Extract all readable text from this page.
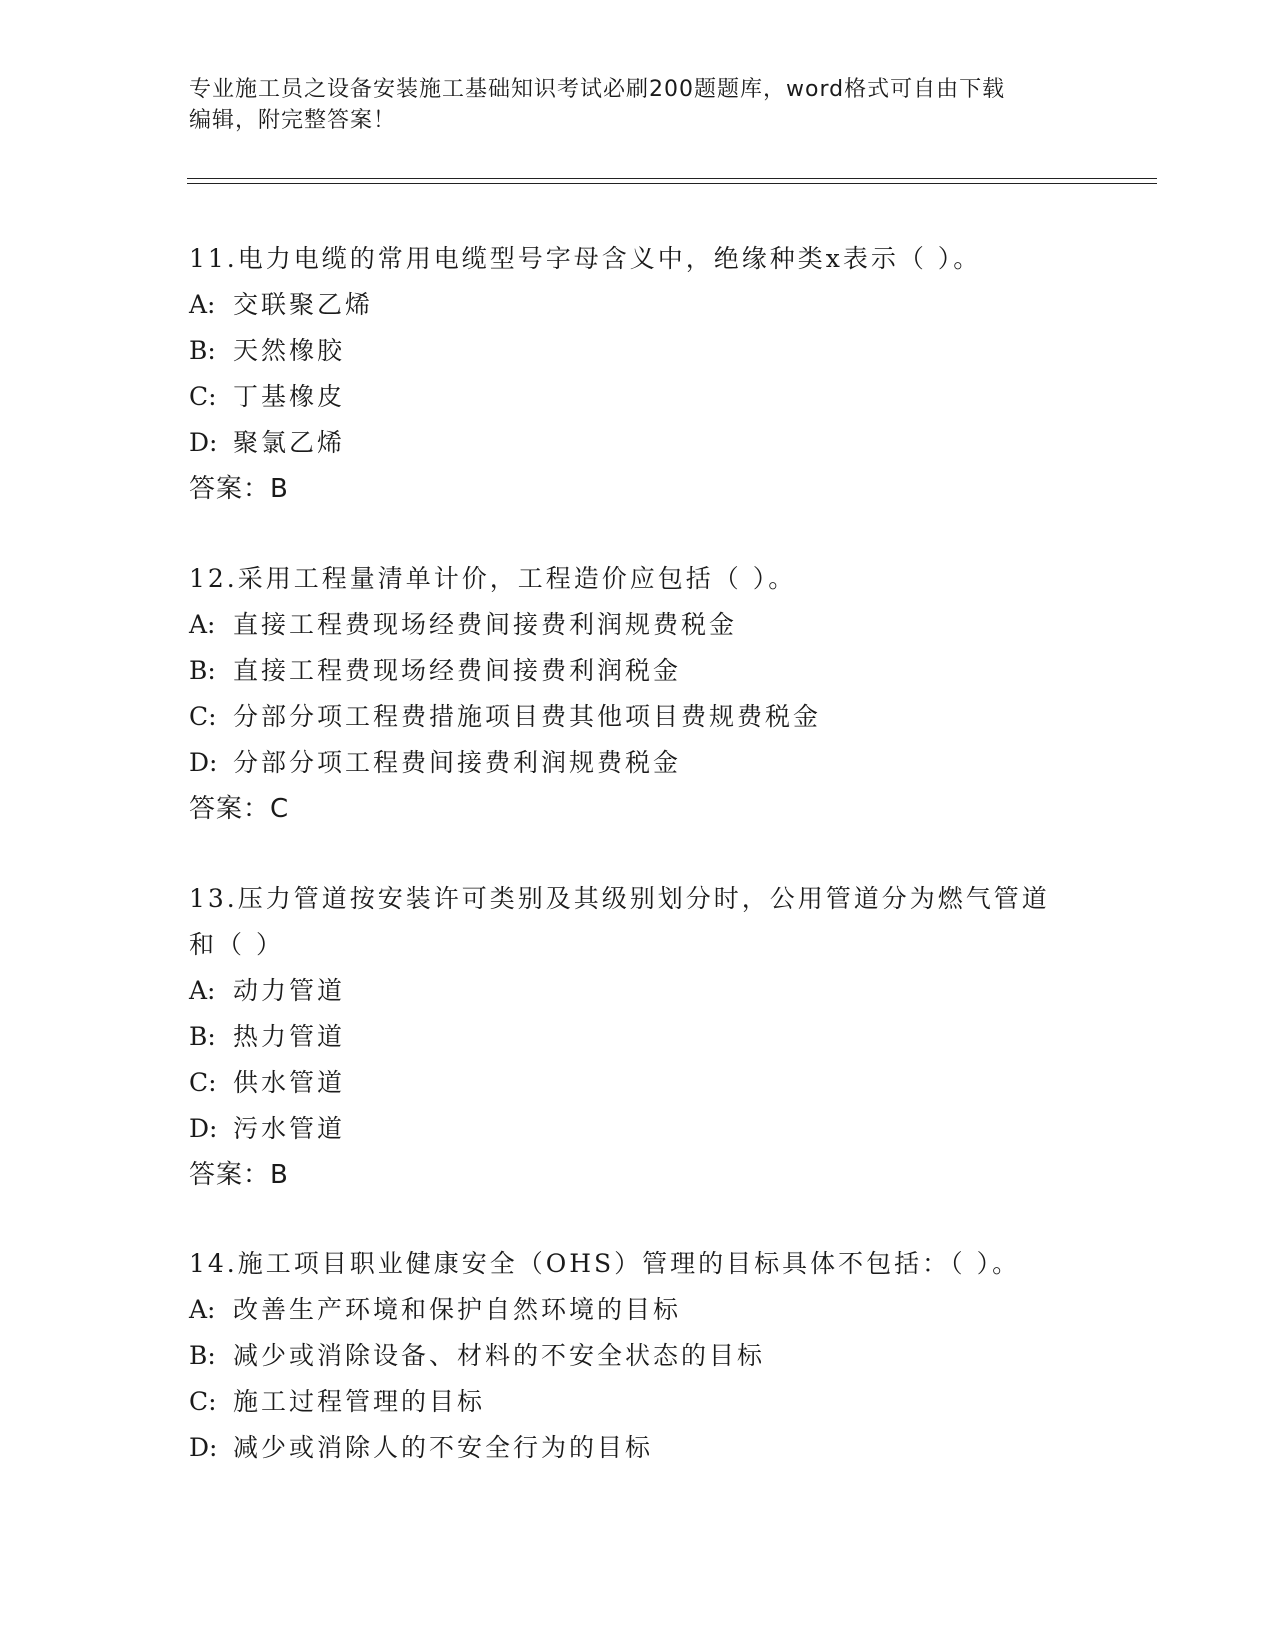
专业施工员之设备安装施工基础知识考试必刷200题题库，word格式可自由下载
编辑，附完整答案！
11.电力电缆的常用电缆型号字母含义中，绝缘种类x表示（ ）。
A: 交联聚乙烯
B: 天然橡胶
C: 丁基橡皮
D: 聚氯乙烯
答案：B
12.采用工程量清单计价，工程造价应包括（ ）。
A: 直接工程费现场经费间接费利润规费税金
B: 直接工程费现场经费间接费利润税金
C: 分部分项工程费措施项目费其他项目费规费税金
D: 分部分项工程费间接费利润规费税金
答案：C
13.压力管道按安装许可类别及其级别划分时，公用管道分为燃气管道
和（ ）
A: 动力管道
B: 热力管道
C: 供水管道
D: 污水管道
答案：B
14.施工项目职业健康安全（OHS）管理的目标具体不包括：（ ）。
A: 改善生产环境和保护自然环境的目标
B: 减少或消除设备、材料的不安全状态的目标
C: 施工过程管理的目标
D: 减少或消除人的不安全行为的目标
